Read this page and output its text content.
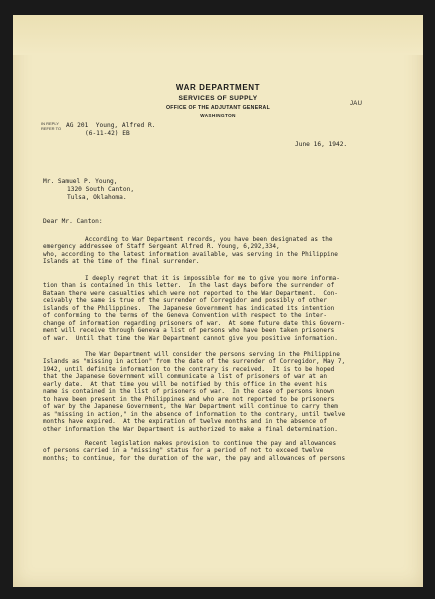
WAR DEPARTMENT
SERVICES OF SUPPLY
OFFICE OF THE ADJUTANT GENERAL
WASHINGTON
JAU
IN REPLY REFER TO AG 201  Young, Alfred R.
(6-11-42) EB
June 16, 1942.
Mr. Samuel P. Young,
1320 South Canton,
Tulsa, Oklahoma.
Dear Mr. Canton:
According to War Department records, you have been designated as the
emergency addressee of Staff Sergeant Alfred R. Young, 6,292,334,
who, according to the latest information available, was serving in the Philippine
Islands at the time of the final surrender.
I deeply regret that it is impossible for me to give you more informa-
tion than is contained in this letter.  In the last days before the surrender of
Bataan there were casualties which were not reported to the War Department.  Con-
ceivably the same is true of the surrender of Corregidor and possibly of other
islands of the Philippines.  The Japanese Government has indicated its intention
of conforming to the terms of the Geneva Convention with respect to the inter-
change of information regarding prisoners of war.  At some future date this Govern-
ment will receive through Geneva a list of persons who have been taken prisoners
of war.  Until that time the War Department cannot give you positive information.
The War Department will consider the persons serving in the Philippine
Islands as "missing in action" from the date of the surrender of Corregidor, May 7,
1942, until definite information to the contrary is received.  It is to be hoped
that the Japanese Government will communicate a list of prisoners of war at an
early date.  At that time you will be notified by this office in the event his
name is contained in the list of prisoners of war.  In the case of persons known
to have been present in the Philippines and who are not reported to be prisoners
of war by the Japanese Government, the War Department will continue to carry them
as "missing in action," in the absence of information to the contrary, until twelve
months have expired.  At the expiration of twelve months and in the absence of
other information the War Department is authorized to make a final determination.
Recent legislation makes provision to continue the pay and allowances
of persons carried in a "missing" status for a period of not to exceed twelve
months; to continue, for the duration of the war, the pay and allowances of persons
